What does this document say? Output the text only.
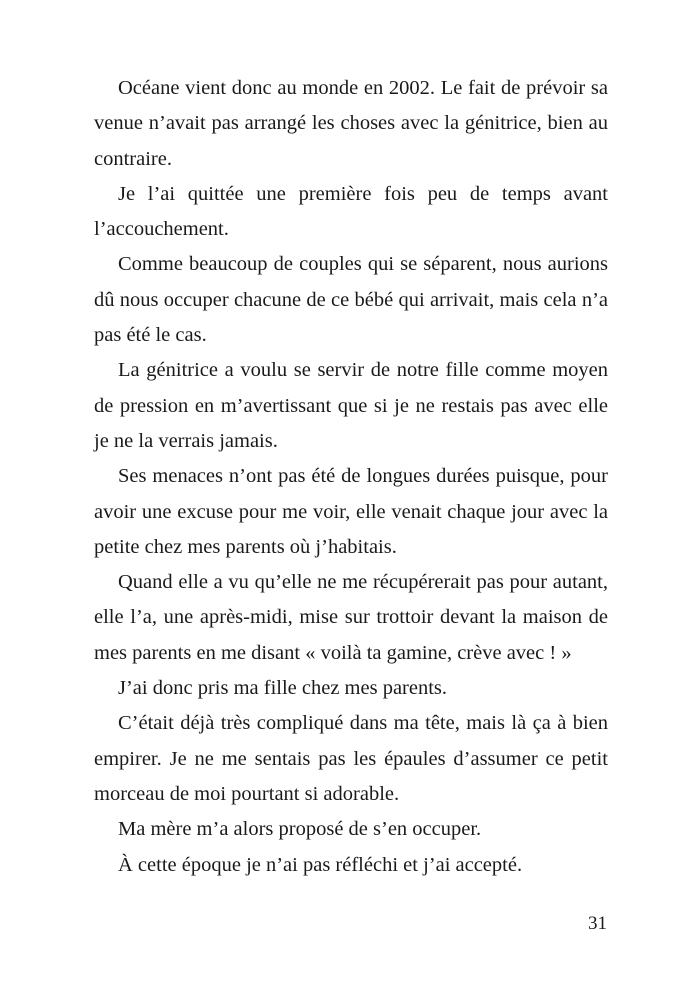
Océane vient donc au monde en 2002. Le fait de prévoir sa venue n’avait pas arrangé les choses avec la génitrice, bien au contraire.

Je l’ai quittée une première fois peu de temps avant l’accouchement.

Comme beaucoup de couples qui se séparent, nous aurions dû nous occuper chacune de ce bébé qui arrivait, mais cela n’a pas été le cas.

La génitrice a voulu se servir de notre fille comme moyen de pression en m’avertissant que si je ne restais pas avec elle je ne la verrais jamais.

Ses menaces n’ont pas été de longues durées puisque, pour avoir une excuse pour me voir, elle venait chaque jour avec la petite chez mes parents où j’habitais.

Quand elle a vu qu’elle ne me récupérerait pas pour autant, elle l’a, une après-midi, mise sur trottoir devant la maison de mes parents en me disant « voilà ta gamine, crève avec ! »

J’ai donc pris ma fille chez mes parents.

C’était déjà très compliqué dans ma tête, mais là ça à bien empirer. Je ne me sentais pas les épaules d’assumer ce petit morceau de moi pourtant si adorable.

Ma mère m’a alors proposé de s’en occuper.

À cette époque je n’ai pas réfléchi et j’ai accepté.

31
